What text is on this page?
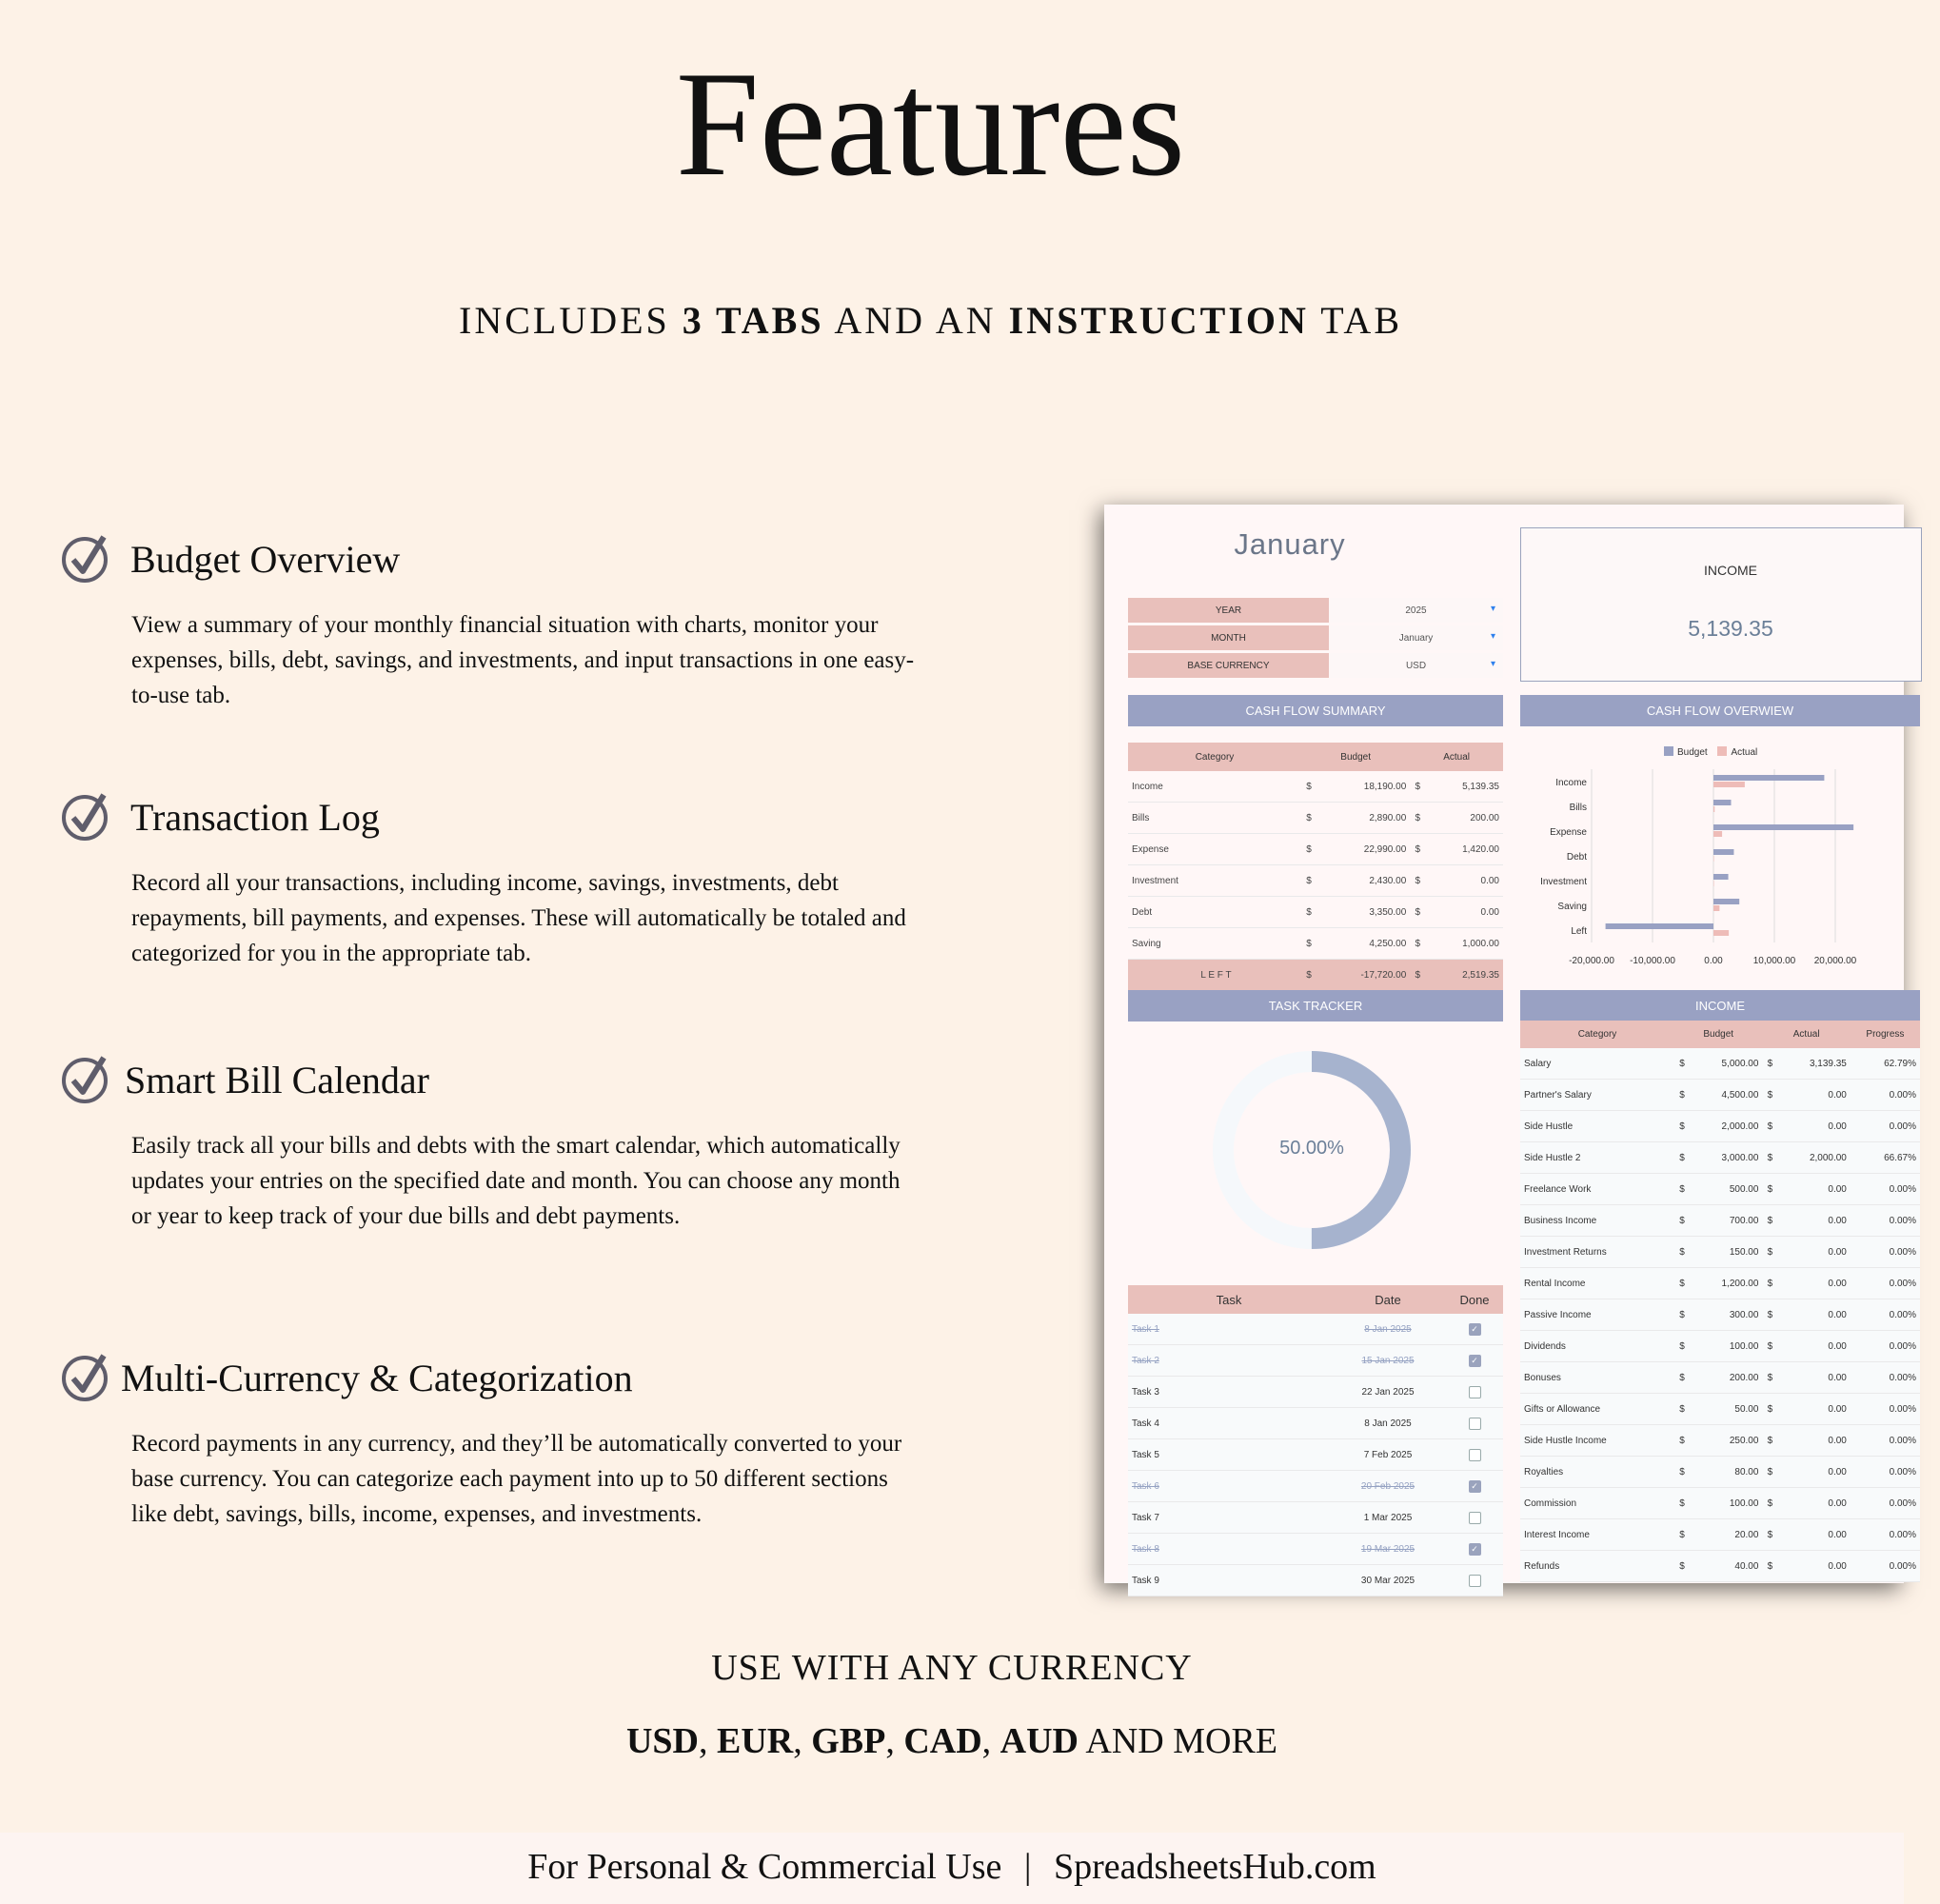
Features
INCLUDES 3 TABS AND AN INSTRUCTION TAB
Budget Overview

View a summary of your monthly financial situation with charts, monitor your expenses, bills, debt, savings, and investments, and input transactions in one easy-to-use tab.

Transaction Log

Record all your transactions, including income, savings, investments, debt repayments, bill payments, and expenses. These will automatically be totaled and categorized for you in the appropriate tab.

Smart Bill Calendar

Easily track all your bills and debts with the smart calendar, which automatically updates your entries on the specified date and month. You can choose any month or year to keep track of your due bills and debt payments.

Multi-Currency & Categorization

Record payments in any currency, and they’ll be automatically converted to your base currency. You can categorize each payment into up to 50 different sections like debt, savings, bills, income, expenses, and investments.

January
YEAR	2025 ▾
MONTH	January ▾
BASE CURRENCY	USD ▾
INCOME
5,139.35
CASH FLOW SUMMARY	CASH FLOW OVERWIEW
Category	Budget		Actual	
Income	$	18,190.00	$	5,139.35
Bills	$	2,890.00	$	200.00
Expense	$	22,990.00	$	1,420.00
Investment	$	2,430.00	$	0.00
Debt	$	3,350.00	$	0.00
Saving	$	4,250.00	$	1,000.00
L E F T	$	-17,720.00	$	2,519.35
Budget Actual
-20,000.00 -10,000.00	0.00	10,000.00 20,000.00
Income
Bills
Expense
Debt
Investment
Saving
Left
TASK TRACKER	INCOME
50.00%
Task	Date	Done
Task 1	8 Jan 2025	✓
Task 2	15 Jan 2025	✓
Task 3	22 Jan 2025	
Task 4	8 Jan 2025	
Task 5	7 Feb 2025	
Task 6	20 Feb 2025	✓
Task 7	1 Mar 2025	
Task 8	19 Mar 2025	✓
Task 9	30 Mar 2025	
Category	Budget		Actual		Progress
Salary	$	5,000.00	$	3,139.35	62.79%
Partner's Salary	$	4,500.00	$	0.00	0.00%
Side Hustle	$	2,000.00	$	0.00	0.00%
Side Hustle 2	$	3,000.00	$	2,000.00	66.67%
Freelance Work	$	500.00	$	0.00	0.00%
Business Income	$	700.00	$	0.00	0.00%
Investment Returns	$	150.00	$	0.00	0.00%
Rental Income	$	1,200.00	$	0.00	0.00%
Passive Income	$	300.00	$	0.00	0.00%
Dividends	$	100.00	$	0.00	0.00%
Bonuses	$	200.00	$	0.00	0.00%
Gifts or Allowance	$	50.00	$	0.00	0.00%
Side Hustle Income	$	250.00	$	0.00	0.00%
Royalties	$	80.00	$	0.00	0.00%
Commission	$	100.00	$	0.00	0.00%
Interest Income	$	20.00	$	0.00	0.00%
Refunds	$	40.00	$	0.00	0.00%
USE WITH ANY CURRENCY
USD, EUR, GBP, CAD, AUD AND MORE
For Personal & Commercial Use | SpreadsheetsHub.com
